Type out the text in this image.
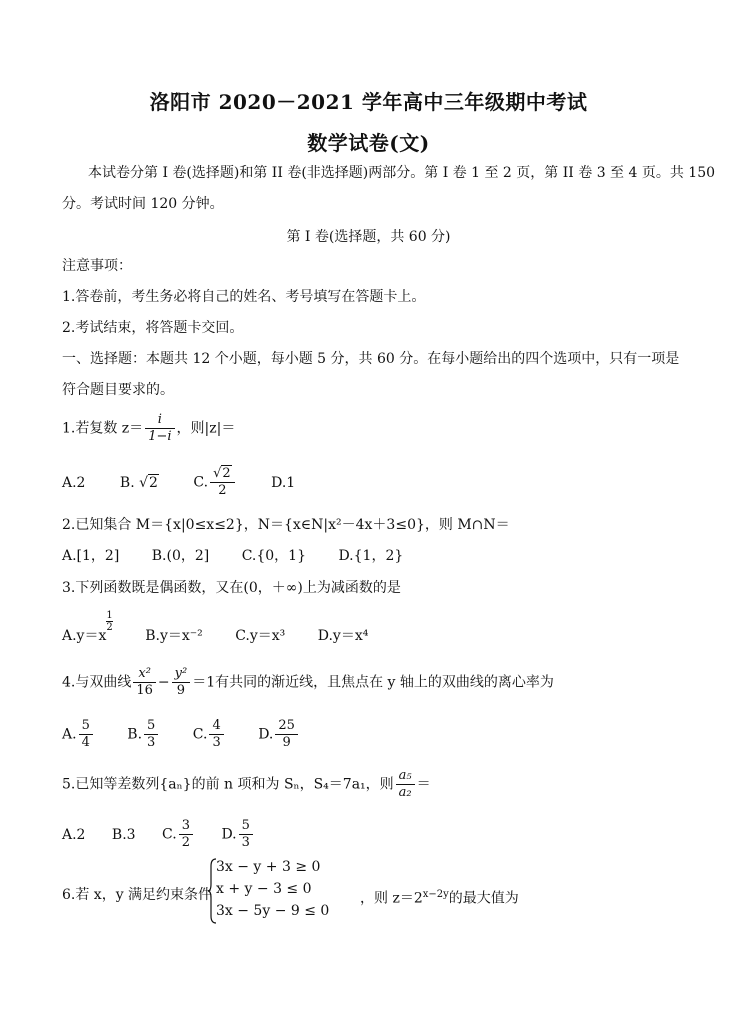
洛阳市 2020－2021 学年高中三年级期中考试
数学试卷(文)
本试卷分第 I 卷(选择题)和第 II 卷(非选择题)两部分。第 I 卷 1 至 2 页，第 II 卷 3 至 4 页。共 150
分。考试时间 120 分钟。
第 I 卷(选择题，共 60 分)
注意事项：
1.答卷前，考生务必将自己的姓名、考号填写在答题卡上。
2.考试结束，将答题卡交回。
一、选择题：本题共 12 个小题，每小题 5 分，共 60 分。在每小题给出的四个选项中，只有一项是
符合题目要求的。
1.若复数 $z= \frac{i}{1-i}$ ，则|z|＝
A.2 B. √2	C. $\frac{√2}{2}$	D.1
2.已知集合 M＝{x|0≤x≤2}，N＝{x∈N|x²－4x＋3≤0}，则 M∩N＝
A.[1，2] B.(0，2] C.{0，1} D.{1，2}
3.下列函数既是偶函数，又在(0，＋∞)上为减函数的是
A.y＝x
$\frac{1}{2}$
B.y＝x⁻² C.y＝x³ D.y＝x⁴
4.与双曲线 $\frac{\text{x²}}{16} - \frac{\text{y²}}{9} =1$有共同的渐近线，且焦点在 y 轴上的双曲线的离心率为
A. $\frac{5}{4} B$. $\frac{5}{3} C$. $\frac{4}{3} D$. $\frac{25}{9}$
5.已知等差数列{aₙ}的前 n 项和为 Sₙ，S₄＝7a₁，则 $\frac{\text{a₅}}{\text{a₂}}$ ＝
A.2 B.3 C. $\frac{3}{2} D$. $\frac{5}{3}$
6.若 x，y 满足约束条件
3x − y + 3 ≥ 0
x + y − 3 ≤ 0
3x − 5y − 9 ≤ 0
，则 $z=2^{x-2y}$的最大值为
